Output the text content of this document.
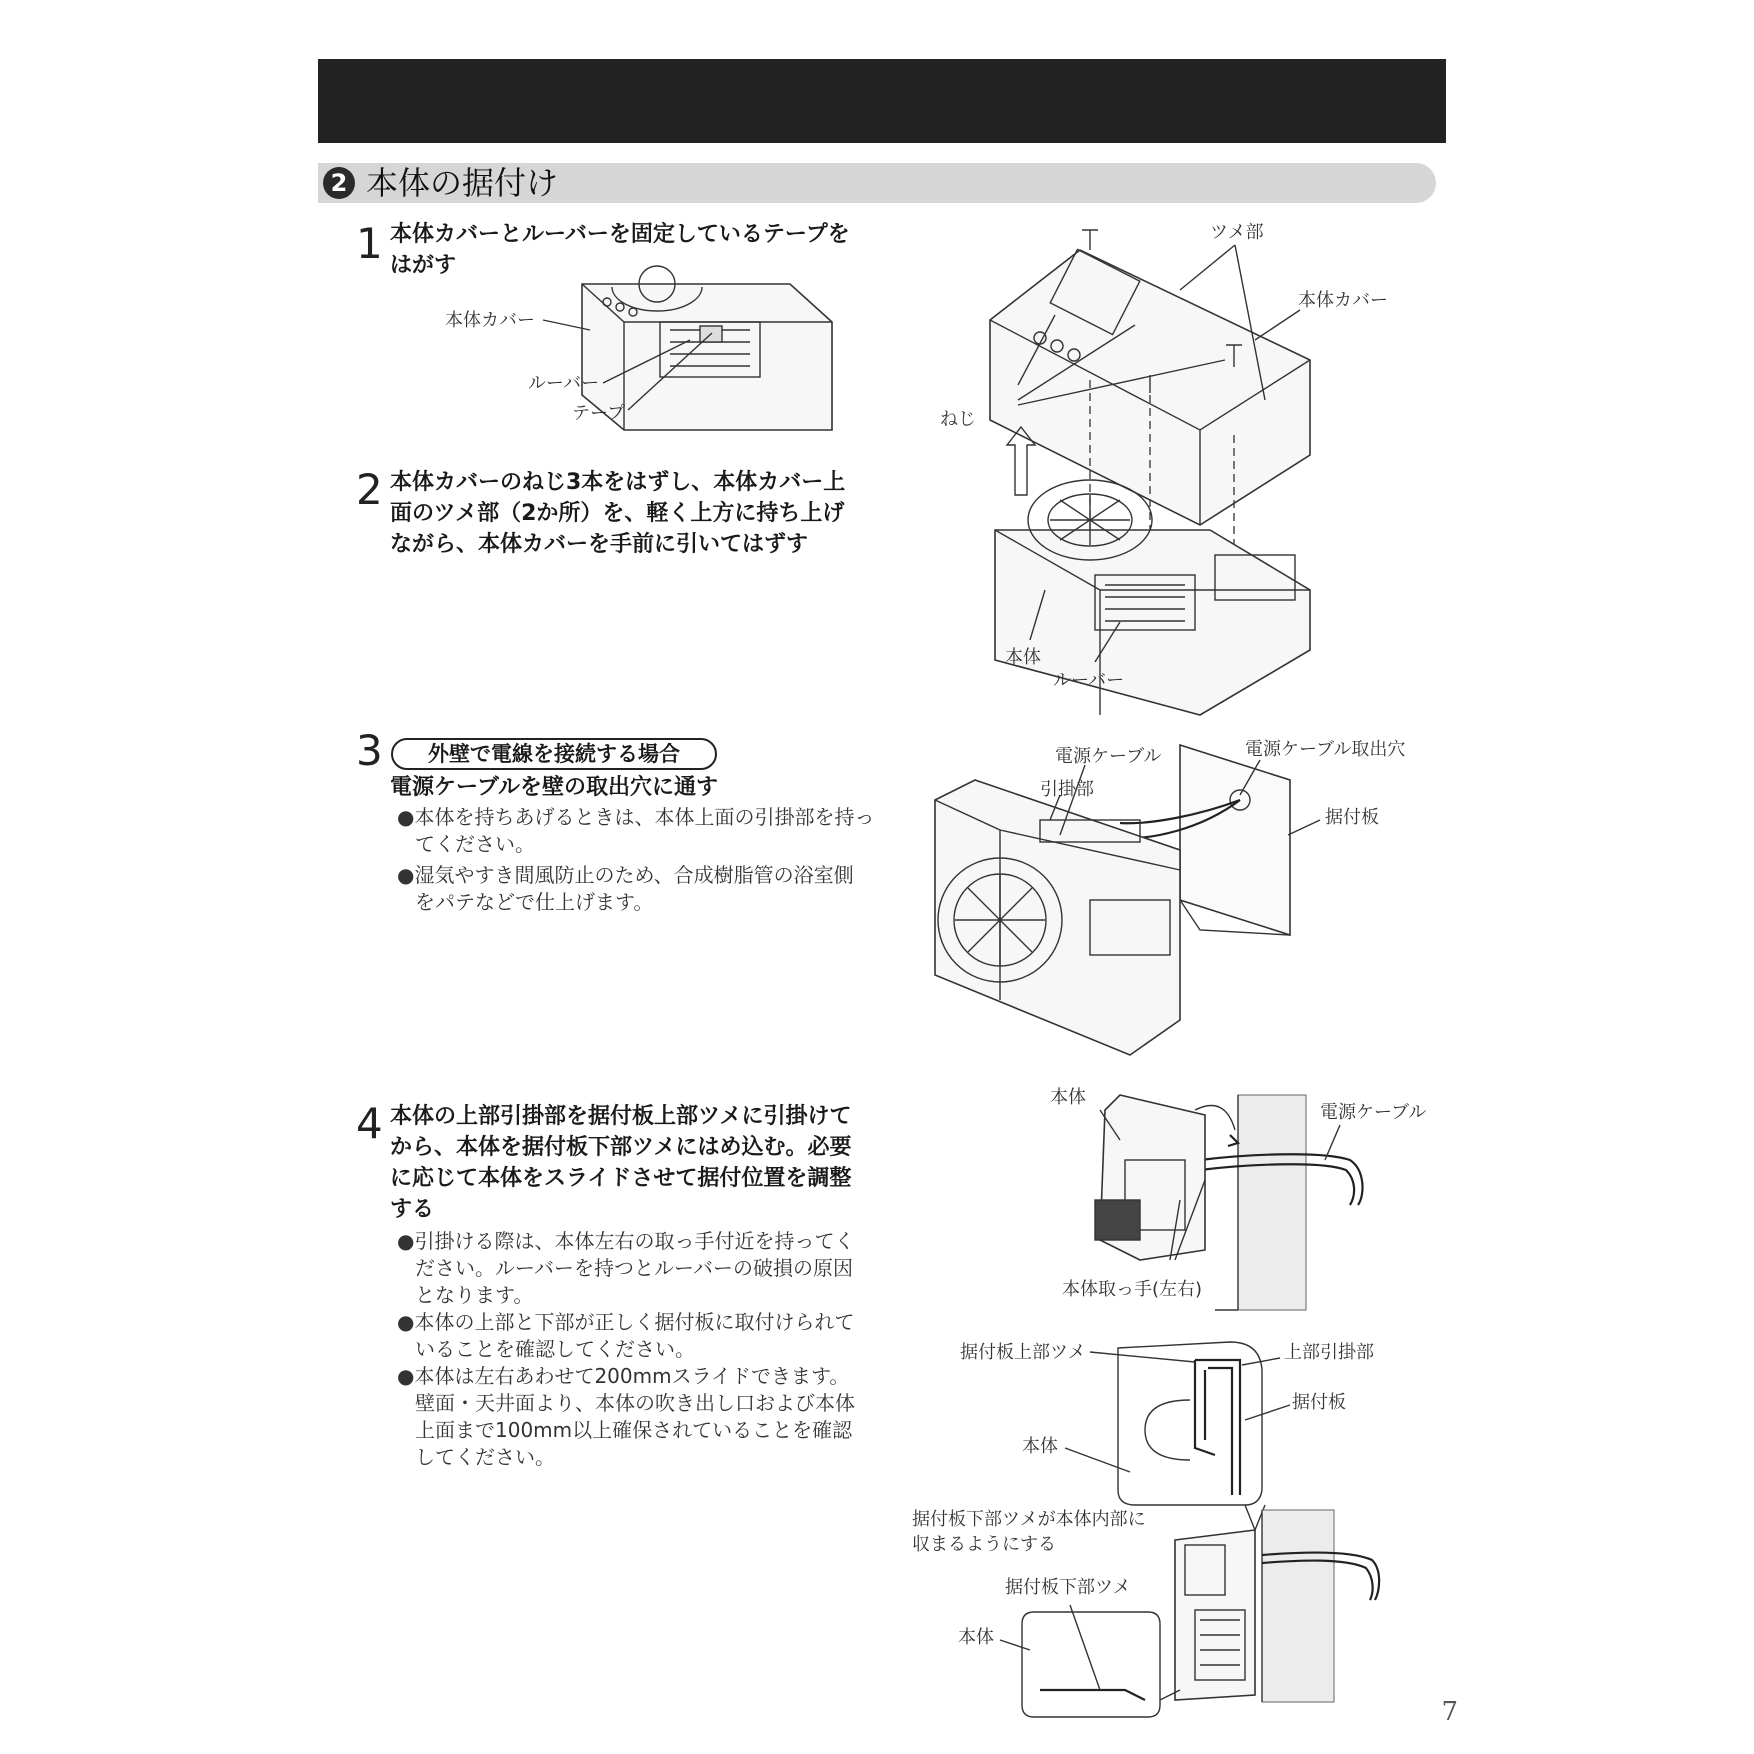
2 本体の据付け
1 本体カバーとルーバーを固定しているテープを
はがす
2 本体カバーのねじ3本をはずし、本体カバー上
面のツメ部（2か所）を、軽く上方に持ち上げ
ながら、本体カバーを手前に引いてはずす
3	外壁で電線を接続する場合
電源ケーブルを壁の取出穴に通す
●本体を持ちあげるときは、本体上面の引掛部を持っ
てください。
●湿気やすき間風防止のため、合成樹脂管の浴室側
をパテなどで仕上げます。
4 本体の上部引掛部を据付板上部ツメに引掛けて
から、本体を据付板下部ツメにはめ込む。必要
に応じて本体をスライドさせて据付位置を調整
する
●引掛ける際は、本体左右の取っ手付近を持ってく
ださい。ルーバーを持つとルーバーの破損の原因
となります。
●本体の上部と下部が正しく据付板に取付けられて
いることを確認してください。
●本体は左右あわせて200mmスライドできます。
壁面・天井面より、本体の吹き出し口および本体
上面まで100mm以上確保されていることを確認
してください。
本体カバー
ルーバー
テープ
ツメ部
本体カバー
ねじ
本体
ルーバー
電源ケーブル	電源ケーブル取出穴
引掛部
据付板
本体
電源ケーブル
本体取っ手(左右)
据付板上部ツメ	上部引掛部
据付板
本体
据付板下部ツメが本体内部に
収まるようにする
据付板下部ツメ
本体
7
